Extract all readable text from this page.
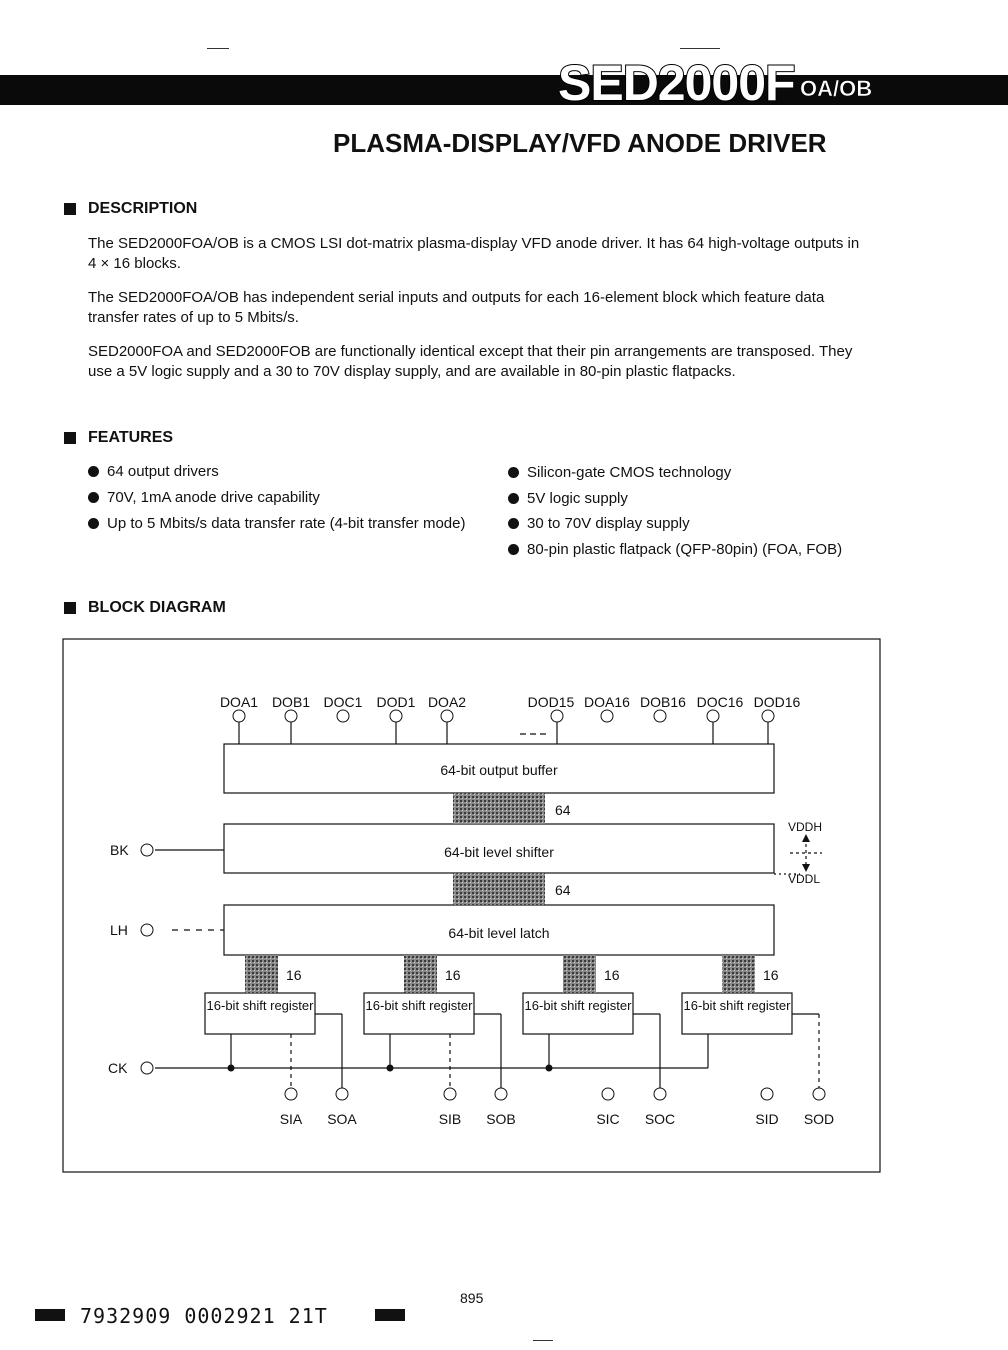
SED2000F OA/OB
PLASMA-DISPLAY/VFD ANODE DRIVER
DESCRIPTION
The SED2000FOA/OB is a CMOS LSI dot-matrix plasma-display VFD anode driver. It has 64 high-voltage outputs in 4 × 16 blocks.
The SED2000FOA/OB has independent serial inputs and outputs for each 16-element block which feature data transfer rates of up to 5 Mbits/s.
SED2000FOA and SED2000FOB are functionally identical except that their pin arrangements are transposed. They use a 5V logic supply and a 30 to 70V display supply, and are available in 80-pin plastic flatpacks.
FEATURES
64 output drivers
70V, 1mA anode drive capability
Up to 5 Mbits/s data transfer rate (4-bit transfer mode)
Silicon-gate CMOS technology
5V logic supply
30 to 70V display supply
80-pin plastic flatpack (QFP-80pin) (FOA, FOB)
BLOCK DIAGRAM
DOA1 DOB1 DOC1 DOD1 DOA2	DOD15 DOA16 DOB16 DOC16 DOD16
64-bit output buffer
64-bit level shifter
64-bit level latch
64
64
16	16	16	16
VDDH
VDDL
BK
LH
CK
SIA SOA	SIB SOB	SIC SOC	SID SOD
16-bit shift register	16-bit shift register	16-bit shift register	16-bit shift register
895
7932909 0002921 21T
